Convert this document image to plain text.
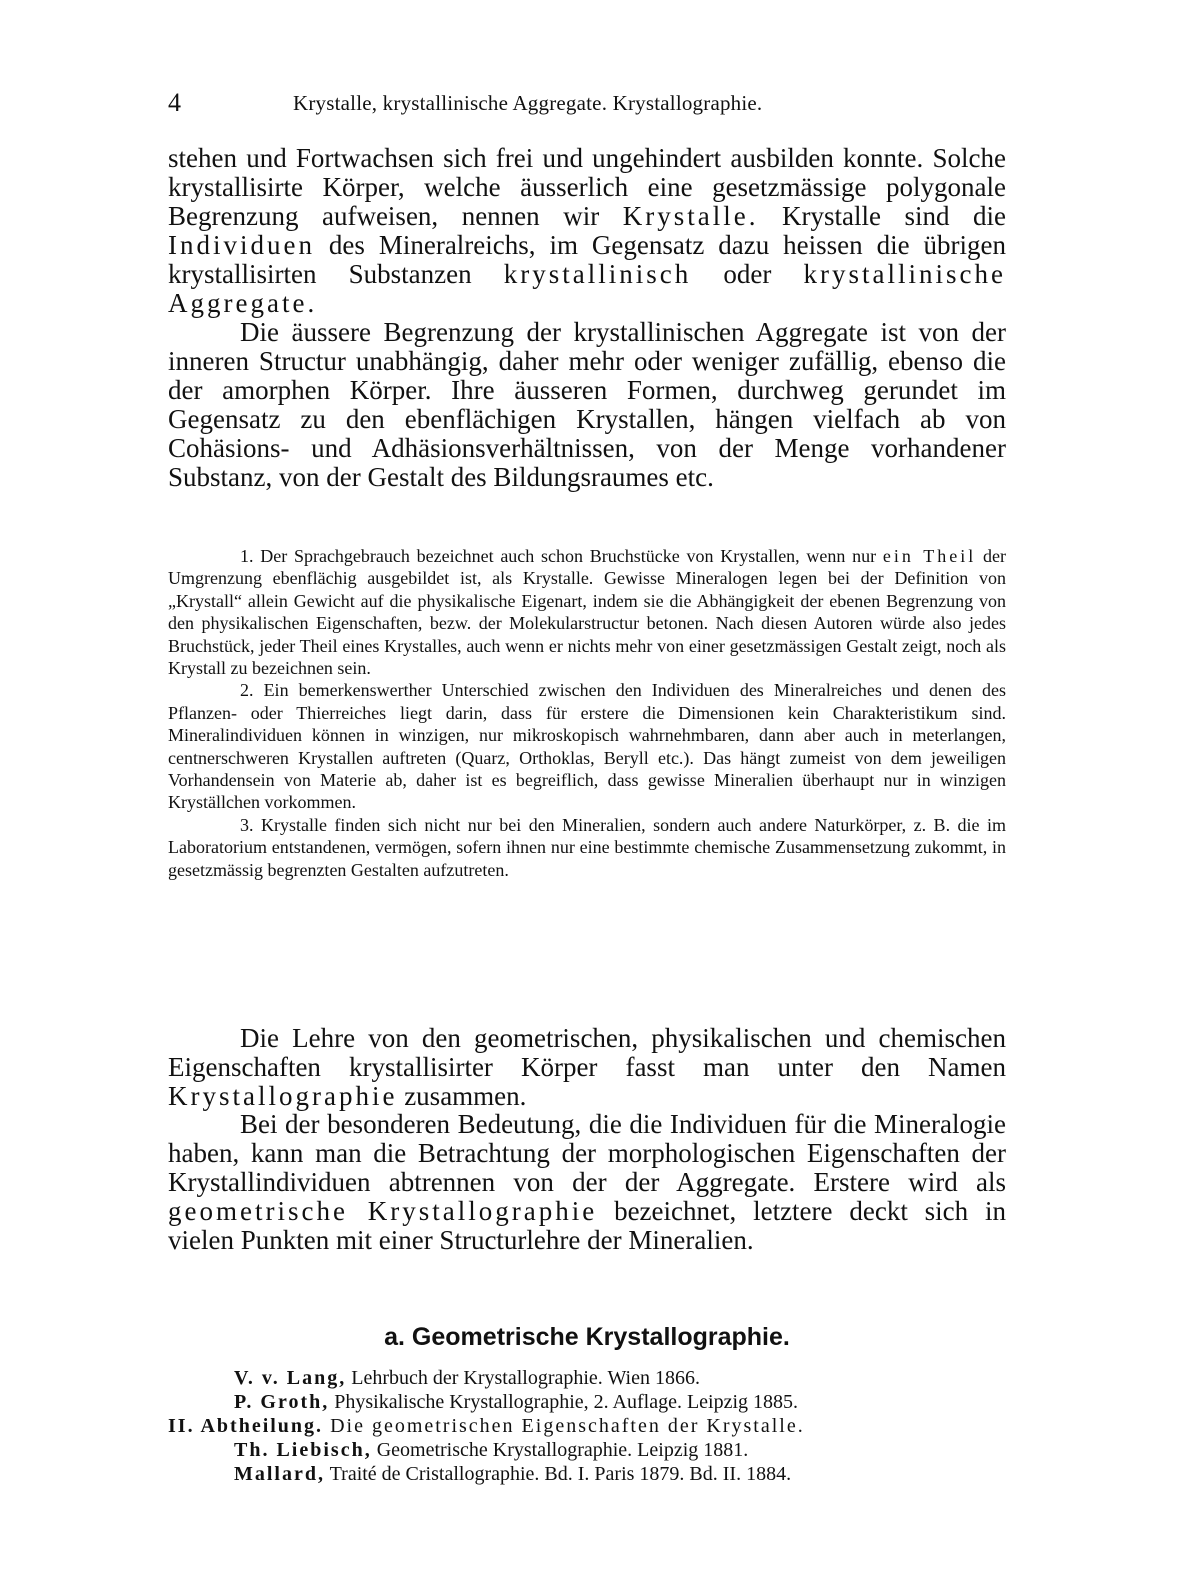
4	Krystalle, krystallinische Aggregate. Krystallographie.

stehen und Fortwachsen sich frei und ungehindert ausbilden konnte. Solche krystallisirte Körper, welche äusserlich eine gesetzmässige polygonale Begrenzung aufweisen, nennen wir Krystalle. Krystalle sind die Individuen des Mineralreichs, im Gegensatz dazu heissen die übrigen krystallisirten Substanzen krystallinisch oder krystallinische Aggregate.

Die äussere Begrenzung der krystallinischen Aggregate ist von der inneren Structur unabhängig, daher mehr oder weniger zufällig, ebenso die der amorphen Körper. Ihre äusseren Formen, durchweg gerundet im Gegensatz zu den ebenflächigen Krystallen, hängen vielfach ab von Cohäsions- und Adhäsionsverhältnissen, von der Menge vorhandener Substanz, von der Gestalt des Bildungsraumes etc.

1. Der Sprachgebrauch bezeichnet auch schon Bruchstücke von Krystallen, wenn nur ein Theil der Umgrenzung ebenflächig ausgebildet ist, als Krystalle. Gewisse Mineralogen legen bei der Definition von „Krystall“ allein Gewicht auf die physikalische Eigenart, indem sie die Abhängigkeit der ebenen Begrenzung von den physikalischen Eigenschaften, bezw. der Molekularstructur betonen. Nach diesen Autoren würde also jedes Bruchstück, jeder Theil eines Krystalles, auch wenn er nichts mehr von einer gesetzmässigen Gestalt zeigt, noch als Krystall zu bezeichnen sein.

2. Ein bemerkenswerther Unterschied zwischen den Individuen des Mineralreiches und denen des Pflanzen- oder Thierreiches liegt darin, dass für erstere die Dimensionen kein Charakteristikum sind. Mineralindividuen können in winzigen, nur mikroskopisch wahrnehmbaren, dann aber auch in meterlangen, centnerschweren Krystallen auftreten (Quarz, Orthoklas, Beryll etc.). Das hängt zumeist von dem jeweiligen Vorhandensein von Materie ab, daher ist es begreiflich, dass gewisse Mineralien überhaupt nur in winzigen Kryställchen vorkommen.

3. Krystalle finden sich nicht nur bei den Mineralien, sondern auch andere Naturkörper, z. B. die im Laboratorium entstandenen, vermögen, sofern ihnen nur eine bestimmte chemische Zusammensetzung zukommt, in gesetzmässig begrenzten Gestalten aufzutreten.

Die Lehre von den geometrischen, physikalischen und chemischen Eigenschaften krystallisirter Körper fasst man unter den Namen Krystallographie zusammen.

Bei der besonderen Bedeutung, die die Individuen für die Mineralogie haben, kann man die Betrachtung der morphologischen Eigenschaften der Krystallindividuen abtrennen von der der Aggregate. Erstere wird als geometrische Krystallographie bezeichnet, letztere deckt sich in vielen Punkten mit einer Structurlehre der Mineralien.

a. Geometrische Krystallographie.

V. v. Lang, Lehrbuch der Krystallographie. Wien 1866.

P. Groth, Physikalische Krystallographie, 2. Auflage. Leipzig 1885.

II. Abtheilung. Die geometrischen Eigenschaften der Krystalle.

Th. Liebisch, Geometrische Krystallographie. Leipzig 1881.

Mallard, Traité de Cristallographie. Bd. I. Paris 1879. Bd. II. 1884.
